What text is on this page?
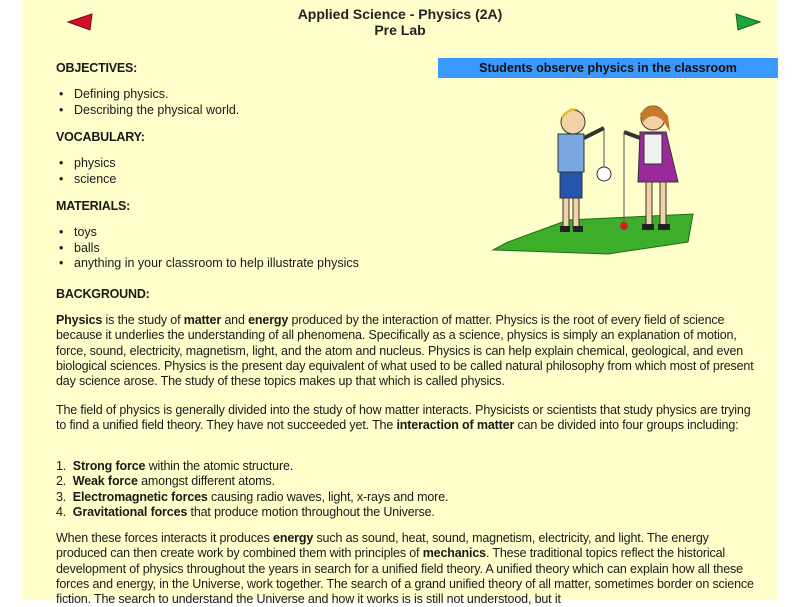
Applied Science - Physics (2A)
Pre Lab
Students observe physics in the classroom
OBJECTIVES:
• Defining physics.
• Describing the physical world.
VOCABULARY:
• physics
• science
MATERIALS:
• toys
• balls
• anything in your classroom to help illustrate physics
BACKGROUND:
Physics is the study of matter and energy produced by the interaction of matter. Physics is the root of every field of science because it underlies the understanding of all phenomena. Specifically as a science, physics is simply an explanation of motion, force, sound, electricity, magnetism, light, and the atom and nucleus. Physics is can help explain chemical, geological, and even biological sciences. Physics is the present day equivalent of what used to be called natural philosophy from which most of present day science arose. The study of these topics makes up that which is called physics.
The field of physics is generally divided into the study of how matter interacts. Physicists or scientists that study physics are trying to find a unified field theory. They have not succeeded yet. The interaction of matter can be divided into four groups including:
1. Strong force within the atomic structure.
2. Weak force amongst different atoms.
3. Electromagnetic forces causing radio waves, light, x-rays and more.
4. Gravitational forces that produce motion throughout the Universe.
When these forces interacts it produces energy such as sound, heat, sound, magnetism, electricity, and light. The energy produced can then create work by combined them with principles of mechanics. These traditional topics reflect the historical development of physics throughout the years in search for a unified field theory. A unified theory which can explain how all these forces and energy, in the Universe, work together. The search of a grand unified theory of all matter, sometimes border on science fiction. The search to understand the Universe and how it works is is still not understood, but it
